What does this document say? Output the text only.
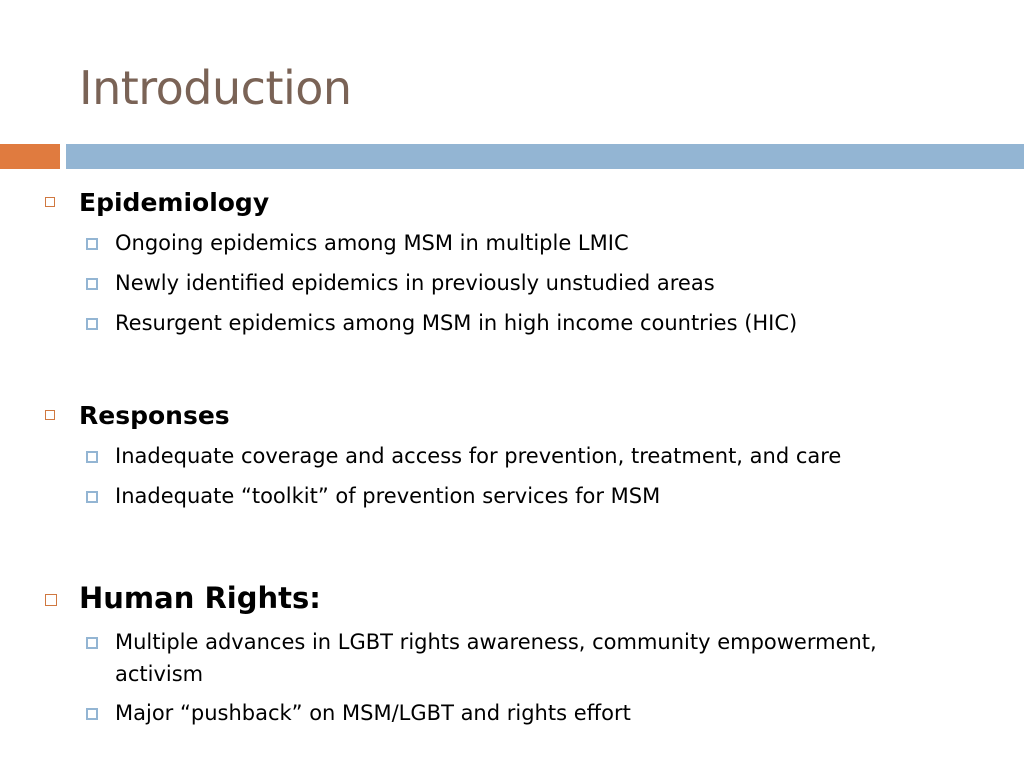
Introduction
Epidemiology
Ongoing epidemics among MSM in multiple LMIC
Newly identified epidemics in previously unstudied areas
Resurgent epidemics among MSM in high income countries (HIC)
Responses
Inadequate coverage and access for prevention, treatment, and care
Inadequate “toolkit” of prevention services for MSM
Human Rights:
Multiple advances in LGBT rights awareness, community empowerment, activism
Major “pushback” on MSM/LGBT and rights effort
